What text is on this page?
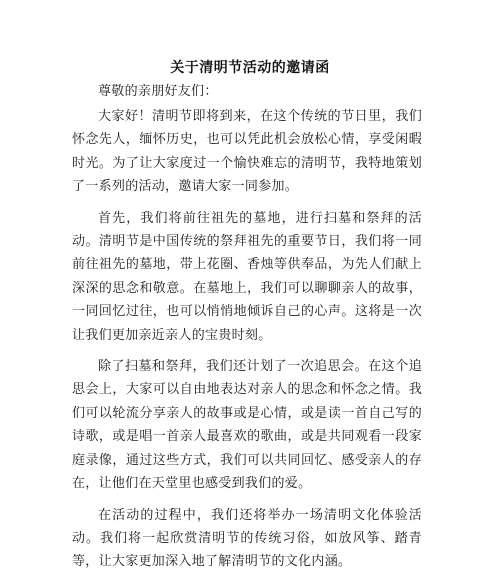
关于清明节活动的邀请函

尊敬的亲朋好友们：

大家好！清明节即将到来，在这个传统的节日里，我们怀念先人，缅怀历史，也可以凭此机会放松心情，享受闲暇时光。为了让大家度过一个愉快难忘的清明节，我特地策划了一系列的活动，邀请大家一同参加。

首先，我们将前往祖先的墓地，进行扫墓和祭拜的活动。清明节是中国传统的祭拜祖先的重要节日，我们将一同前往祖先的墓地，带上花圈、香烛等供奉品，为先人们献上深深的思念和敬意。在墓地上，我们可以聊聊亲人的故事，一同回忆过往，也可以悄悄地倾诉自己的心声。这将是一次让我们更加亲近亲人的宝贵时刻。

除了扫墓和祭拜，我们还计划了一次追思会。在这个追思会上，大家可以自由地表达对亲人的思念和怀念之情。我们可以轮流分享亲人的故事或是心情，或是读一首自己写的诗歌，或是唱一首亲人最喜欢的歌曲，或是共同观看一段家庭录像，通过这些方式，我们可以共同回忆、感受亲人的存在，让他们在天堂里也感受到我们的爱。

在活动的过程中，我们还将举办一场清明文化体验活动。我们将一起欣赏清明节的传统习俗，如放风筝、踏青等，让大家更加深入地了解清明节的文化内涵。
